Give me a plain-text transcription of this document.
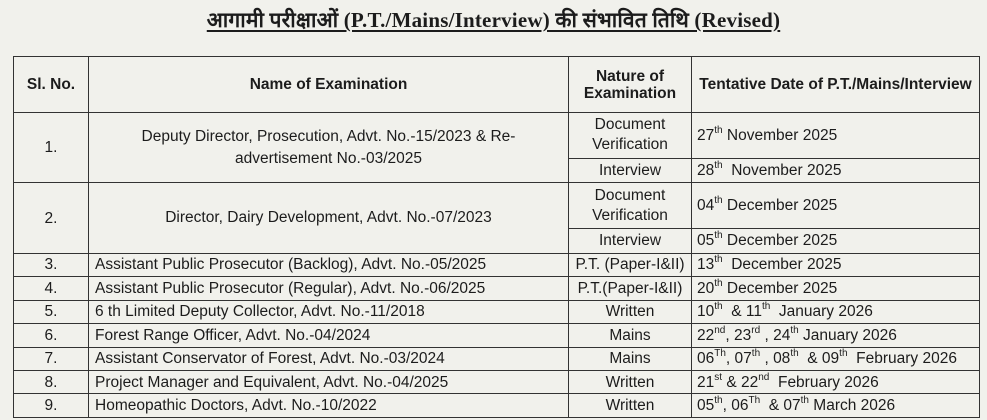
आगामी परीक्षाओं (P.T./Mains/Interview) की संभावित तिथि (Revised)
Sl. No.	Name of Examination	Nature of Examination	Tentative Date of P.T./Mains/Interview
1.	Deputy Director, Prosecution, Advt. No.-15/2023 & Re-advertisement No.-03/2025	Document Verification	27th November 2025
		Interview	28th  November 2025
2.	Director, Dairy Development, Advt. No.-07/2023	Document Verification	04th December 2025
		Interview	05th December 2025
3.	Assistant Public Prosecutor (Backlog), Advt. No.-05/2025	P.T. (Paper-I&II)	13th  December 2025
4.	Assistant Public Prosecutor (Regular), Advt. No.-06/2025	P.T.(Paper-I&II)	20th December 2025
5.	6 th Limited Deputy Collector, Advt. No.-11/2018	Written	10th  & 11th  January 2026
6.	Forest Range Officer, Advt. No.-04/2024	Mains	22nd, 23rd , 24th January 2026
7.	Assistant Conservator of Forest, Advt. No.-03/2024	Mains	06Th, 07th , 08th  & 09th  February 2026
8.	Project Manager and Equivalent, Advt. No.-04/2025	Written	21st & 22nd  February 2026
9.	Homeopathic Doctors, Advt. No.-10/2022	Written	05th, 06Th  & 07th March 2026
